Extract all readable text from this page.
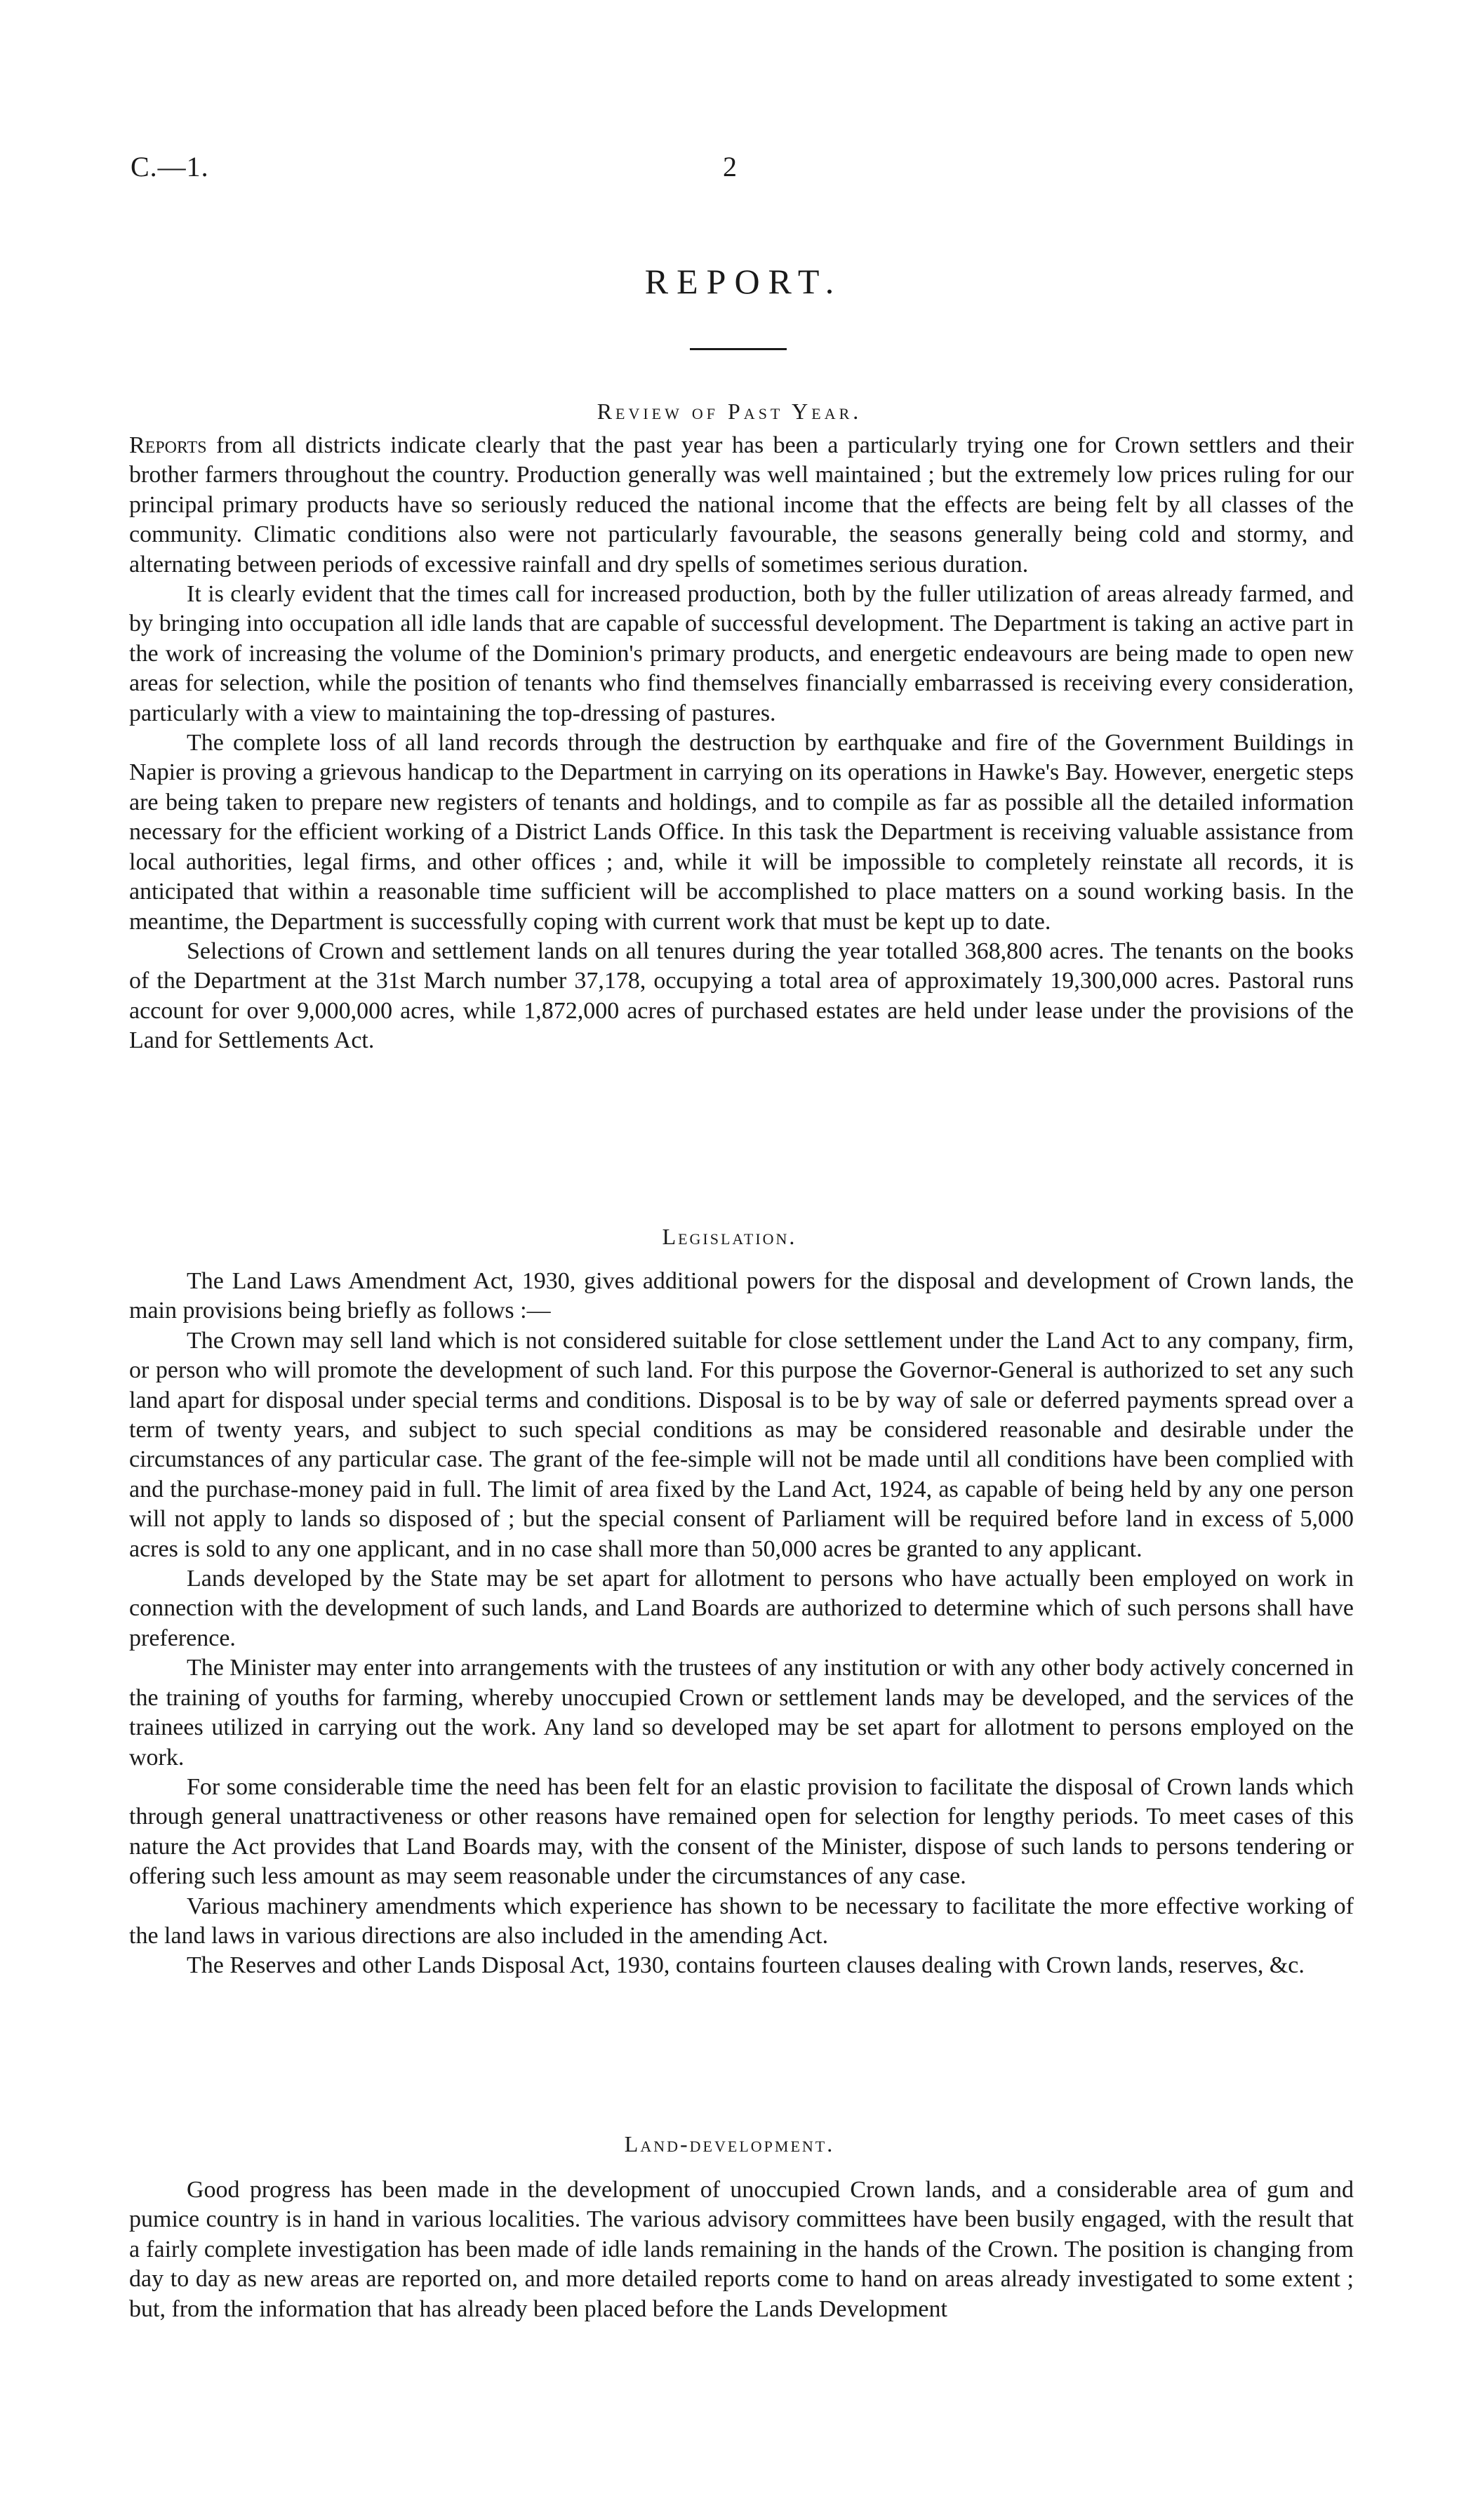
C.—1.	2
REPORT.
Review of Past Year.

Reports from all districts indicate clearly that the past year has been a particularly trying one for Crown settlers and their brother farmers throughout the country. Production generally was well maintained ; but the extremely low prices ruling for our principal primary products have so seriously reduced the national income that the effects are being felt by all classes of the community. Climatic conditions also were not particularly favourable, the seasons generally being cold and stormy, and alternating between periods of excessive rainfall and dry spells of sometimes serious duration.

It is clearly evident that the times call for increased production, both by the fuller utilization of areas already farmed, and by bringing into occupation all idle lands that are capable of successful development. The Department is taking an active part in the work of increasing the volume of the Dominion's primary products, and energetic endeavours are being made to open new areas for selection, while the position of tenants who find themselves financially embarrassed is receiving every consideration, particularly with a view to maintaining the top-dressing of pastures.

The complete loss of all land records through the destruction by earthquake and fire of the Government Buildings in Napier is proving a grievous handicap to the Department in carrying on its operations in Hawke's Bay. However, energetic steps are being taken to prepare new registers of tenants and holdings, and to compile as far as possible all the detailed information necessary for the efficient working of a District Lands Office. In this task the Department is receiving valuable assistance from local authorities, legal firms, and other offices ; and, while it will be impossible to completely reinstate all records, it is anticipated that within a reasonable time sufficient will be accomplished to place matters on a sound working basis. In the meantime, the Department is successfully coping with current work that must be kept up to date.

Selections of Crown and settlement lands on all tenures during the year totalled 368,800 acres. The tenants on the books of the Department at the 31st March number 37,178, occupying a total area of approximately 19,300,000 acres. Pastoral runs account for over 9,000,000 acres, while 1,872,000 acres of purchased estates are held under lease under the provisions of the Land for Settlements Act.

Legislation.

The Land Laws Amendment Act, 1930, gives additional powers for the disposal and development of Crown lands, the main provisions being briefly as follows :—

The Crown may sell land which is not considered suitable for close settlement under the Land Act to any company, firm, or person who will promote the development of such land. For this purpose the Governor-General is authorized to set any such land apart for disposal under special terms and conditions. Disposal is to be by way of sale or deferred payments spread over a term of twenty years, and subject to such special conditions as may be considered reasonable and desirable under the circumstances of any particular case. The grant of the fee-simple will not be made until all conditions have been complied with and the purchase-money paid in full. The limit of area fixed by the Land Act, 1924, as capable of being held by any one person will not apply to lands so disposed of ; but the special consent of Parliament will be required before land in excess of 5,000 acres is sold to any one applicant, and in no case shall more than 50,000 acres be granted to any applicant.

Lands developed by the State may be set apart for allotment to persons who have actually been employed on work in connection with the development of such lands, and Land Boards are authorized to determine which of such persons shall have preference.

The Minister may enter into arrangements with the trustees of any institution or with any other body actively concerned in the training of youths for farming, whereby unoccupied Crown or settlement lands may be developed, and the services of the trainees utilized in carrying out the work. Any land so developed may be set apart for allotment to persons employed on the work.

For some considerable time the need has been felt for an elastic provision to facilitate the disposal of Crown lands which through general unattractiveness or other reasons have remained open for selection for lengthy periods. To meet cases of this nature the Act provides that Land Boards may, with the consent of the Minister, dispose of such lands to persons tendering or offering such less amount as may seem reasonable under the circumstances of any case.

Various machinery amendments which experience has shown to be necessary to facilitate the more effective working of the land laws in various directions are also included in the amending Act.

The Reserves and other Lands Disposal Act, 1930, contains fourteen clauses dealing with Crown lands, reserves, &c.

Land-development.

Good progress has been made in the development of unoccupied Crown lands, and a considerable area of gum and pumice country is in hand in various localities. The various advisory committees have been busily engaged, with the result that a fairly complete investigation has been made of idle lands remaining in the hands of the Crown. The position is changing from day to day as new areas are reported on, and more detailed reports come to hand on areas already investigated to some extent ; but, from the information that has already been placed before the Lands Development
